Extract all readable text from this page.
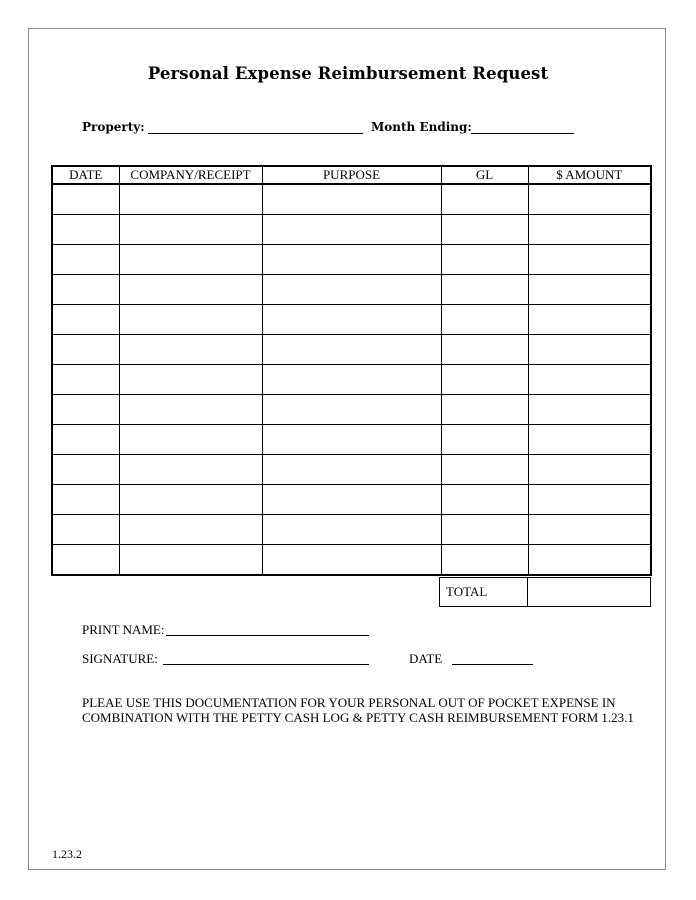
Personal Expense Reimbursement Request
Property:	Month Ending:
DATE	COMPANY/RECEIPT	PURPOSE	GL	$ AMOUNT

TOTAL
PRINT NAME:
SIGNATURE:	DATE
PLEAE USE THIS DOCUMENTATION FOR YOUR PERSONAL OUT OF POCKET EXPENSE IN COMBINATION WITH THE PETTY CASH LOG & PETTY CASH REIMBURSEMENT FORM 1.23.1
1.23.2
